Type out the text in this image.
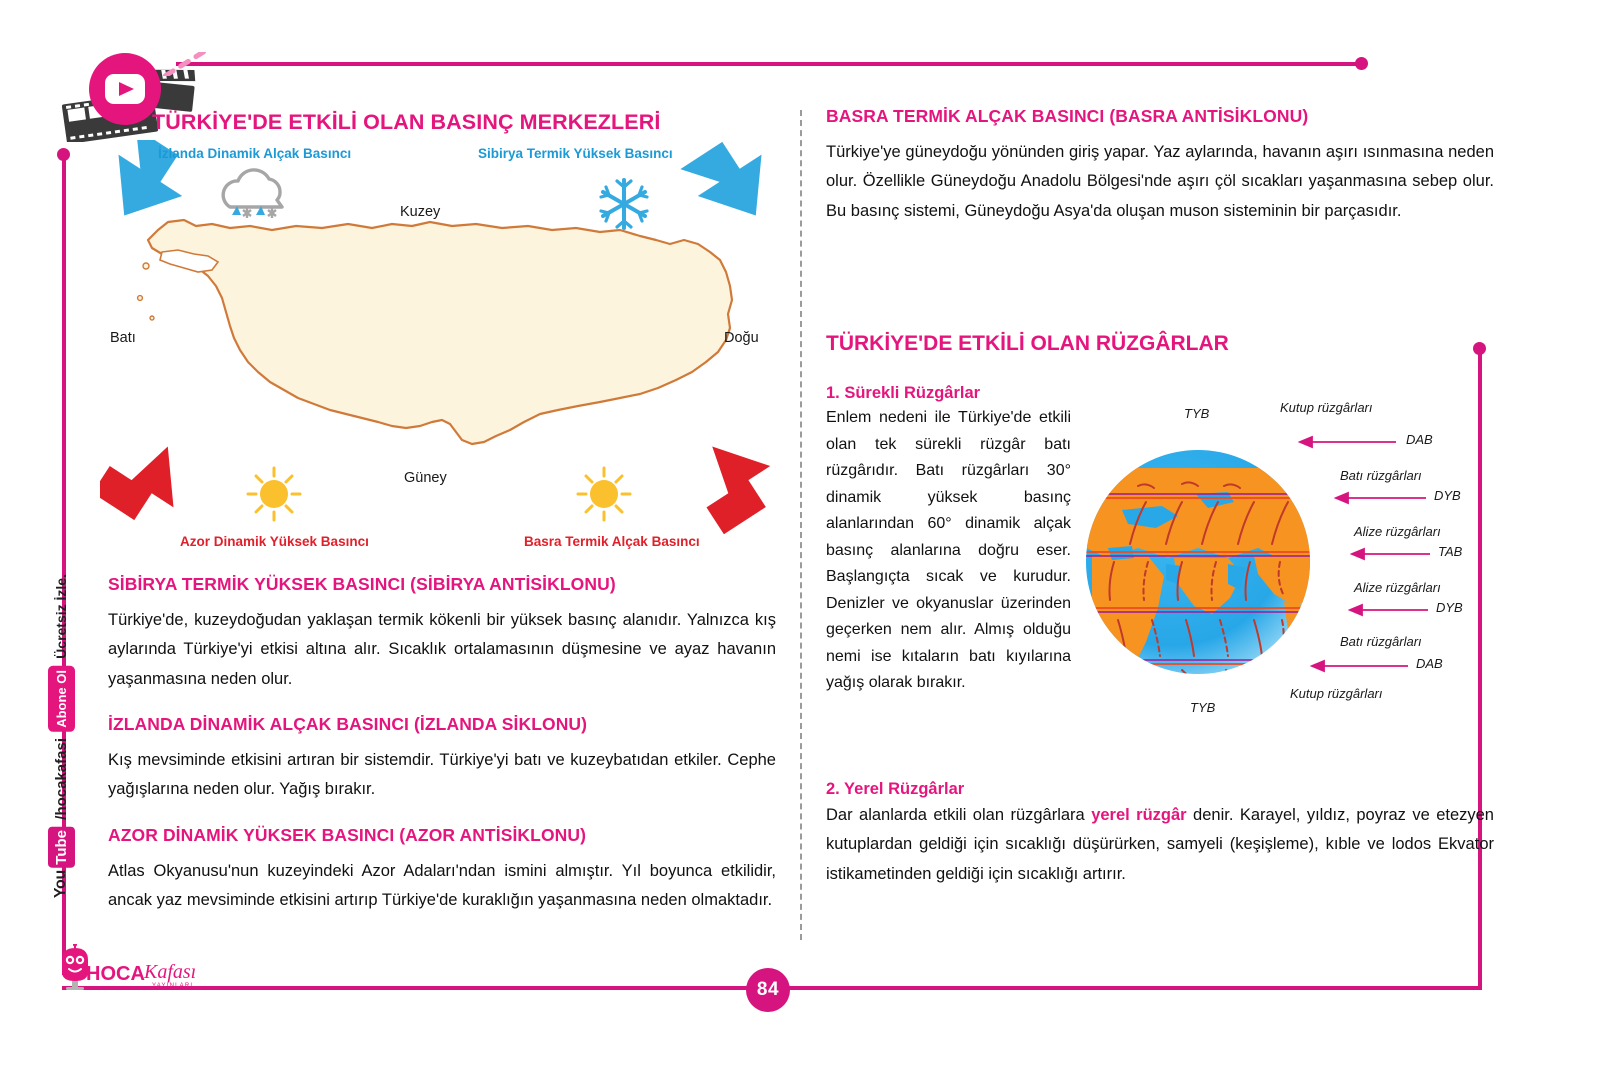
84
You
Tube
/hocakafasi
Abone Ol
Ücretsiz İzle.
TÜRKİYE'DE ETKİLİ OLAN BASINÇ MERKEZLERİ
İzlanda Dinamik Alçak Basıncı	Sibirya Termik Yüksek Basıncı
Azor Dinamik Yüksek Basıncı	Basra Termik Alçak Basıncı
Kuzey
Güney
Batı	Doğu
SİBİRYA TERMİK YÜKSEK BASINCI (SİBİRYA ANTİSİKLONU)

Türkiye'de, kuzeydoğudan yaklaşan termik kökenli bir yüksek basınç alanıdır. Yalnızca kış aylarında Türkiye'yi etkisi altına alır. Sıcaklık ortalamasının düşmesine ve ayaz havanın yaşanmasına neden olur.

İZLANDA DİNAMİK ALÇAK BASINCI (İZLANDA SİKLONU)

Kış mevsiminde etkisini artıran bir sistemdir. Türkiye'yi batı ve kuzeybatıdan etkiler. Cephe yağışlarına neden olur. Yağış bırakır.

AZOR DİNAMİK YÜKSEK BASINCI (AZOR ANTİSİKLONU)

Atlas Okyanusu'nun kuzeyindeki Azor Adaları'ndan ismini almıştır. Yıl boyunca etkilidir, ancak yaz mevsiminde etkisini artırıp Türkiye'de kuraklığın yaşanmasına neden olmaktadır.

BASRA TERMİK ALÇAK BASINCI (BASRA ANTİSİKLONU)

Türkiye'ye güneydoğu yönünden giriş yapar. Yaz aylarında, havanın aşırı ısınmasına neden olur. Özellikle Güneydoğu Anadolu Bölgesi'nde aşırı çöl sıcakları yaşanmasına sebep olur. Bu basınç sistemi, Güneydoğu Asya'da oluşan muson sisteminin bir parçasıdır.

TÜRKİYE'DE ETKİLİ OLAN RÜZGÂRLAR
1. Sürekli Rüzgârlar

Enlem nedeni ile Türkiye'de etkili olan tek sürekli rüzgâr batı rüzgârıdır. Batı rüzgârları 30° dinamik yüksek basınç alanlarından 60° dinamik alçak basınç alanlarına doğru eser. Başlangıçta sıcak ve kurudur. Denizler ve okyanuslar üzerinden geçerken nem alır. Almış olduğu nemi ise kıtaların batı kıyılarına yağış olarak bırakır.

TYB	Kutup rüzgârları
DAB
Batı rüzgârları
DYB
Alize rüzgârları
TAB
Alize rüzgârları
DYB
Batı rüzgârları
DAB
Kutup rüzgârları
TYB
2. Yerel Rüzgârlar

Dar alanlarda etkili olan rüzgârlara yerel rüzgâr denir. Karayel, yıldız, poyraz ve etezyen kutuplardan geldiği için sıcaklığı düşürürken, samyeli (keşişleme), kıble ve lodos Ekvator istikametinden geldiği için sıcaklığı artırır.

HOCA Kafası
YAYINLARI
